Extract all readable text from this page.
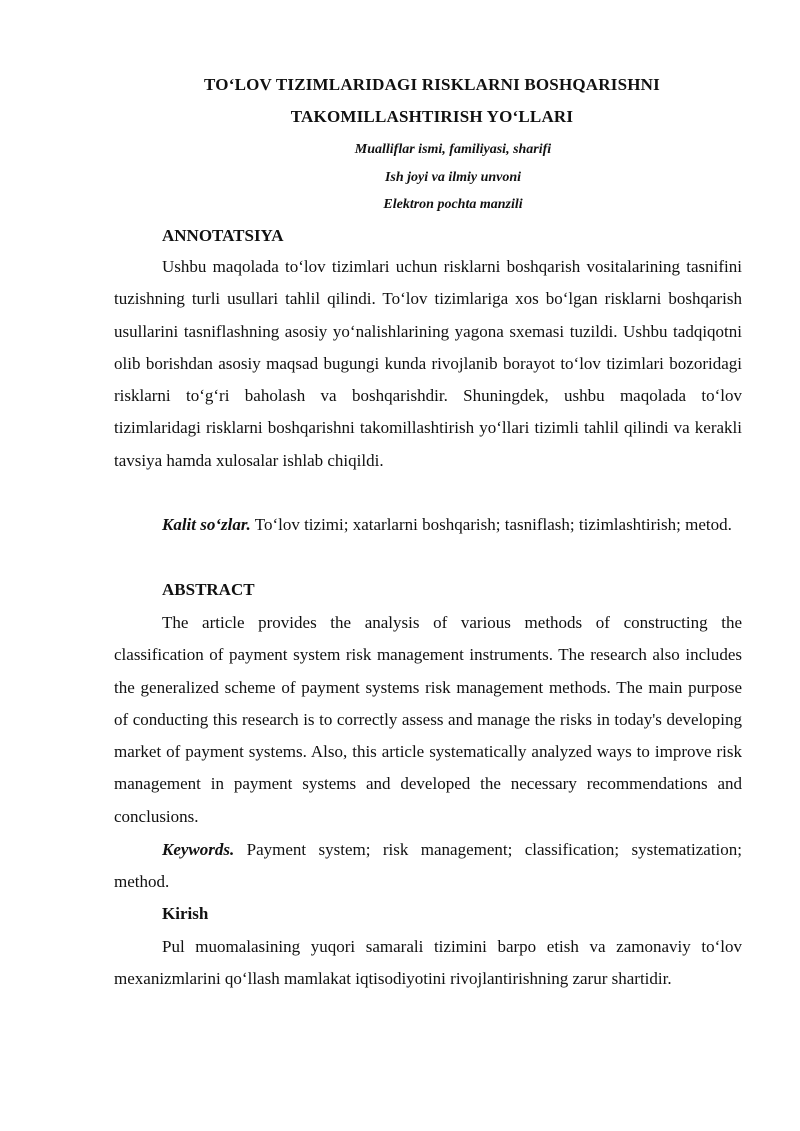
TO‘LOV TIZIMLARIDAGI RISKLARNI BOSHQARISHNI
TAKOMILLASHTIRISH YO‘LLARI
Mualliflar ismi, familiyasi, sharifi
Ish joyi va ilmiy unvoni
Elektron pochta manzili
ANNOTATSIYA

Ushbu maqolada to‘lov tizimlari uchun risklarni boshqarish vositalarining tasnifini tuzishning turli usullari tahlil qilindi. To‘lov tizimlariga xos bo‘lgan risklarni boshqarish usullarini tasniflashning asosiy yo‘nalishlarining yagona sxemasi tuzildi. Ushbu tadqiqotni olib borishdan asosiy maqsad bugungi kunda rivojlanib borayot to‘lov tizimlari bozoridagi risklarni to‘g‘ri baholash va boshqarishdir. Shuningdek, ushbu maqolada to‘lov tizimlaridagi risklarni boshqarishni takomillashtirish yo‘llari tizimli tahlil qilindi va kerakli tavsiya hamda xulosalar ishlab chiqildi.

Kalit so‘zlar. To‘lov tizimi; xatarlarni boshqarish; tasniflash; tizimlashtirish; metod.

ABSTRACT

The article provides the analysis of various methods of constructing the classification of payment system risk management instruments. The research also includes the generalized scheme of payment systems risk management methods. The main purpose of conducting this research is to correctly assess and manage the risks in today's developing market of payment systems. Also, this article systematically analyzed ways to improve risk management in payment systems and developed the necessary recommendations and conclusions.

Keywords. Payment system; risk management; classification; systematization; method.

Kirish

Pul muomalasining yuqori samarali tizimini barpo etish va zamonaviy to‘lov mexanizmlarini qo‘llash mamlakat iqtisodiyotini rivojlantirishning zarur shartidir.
